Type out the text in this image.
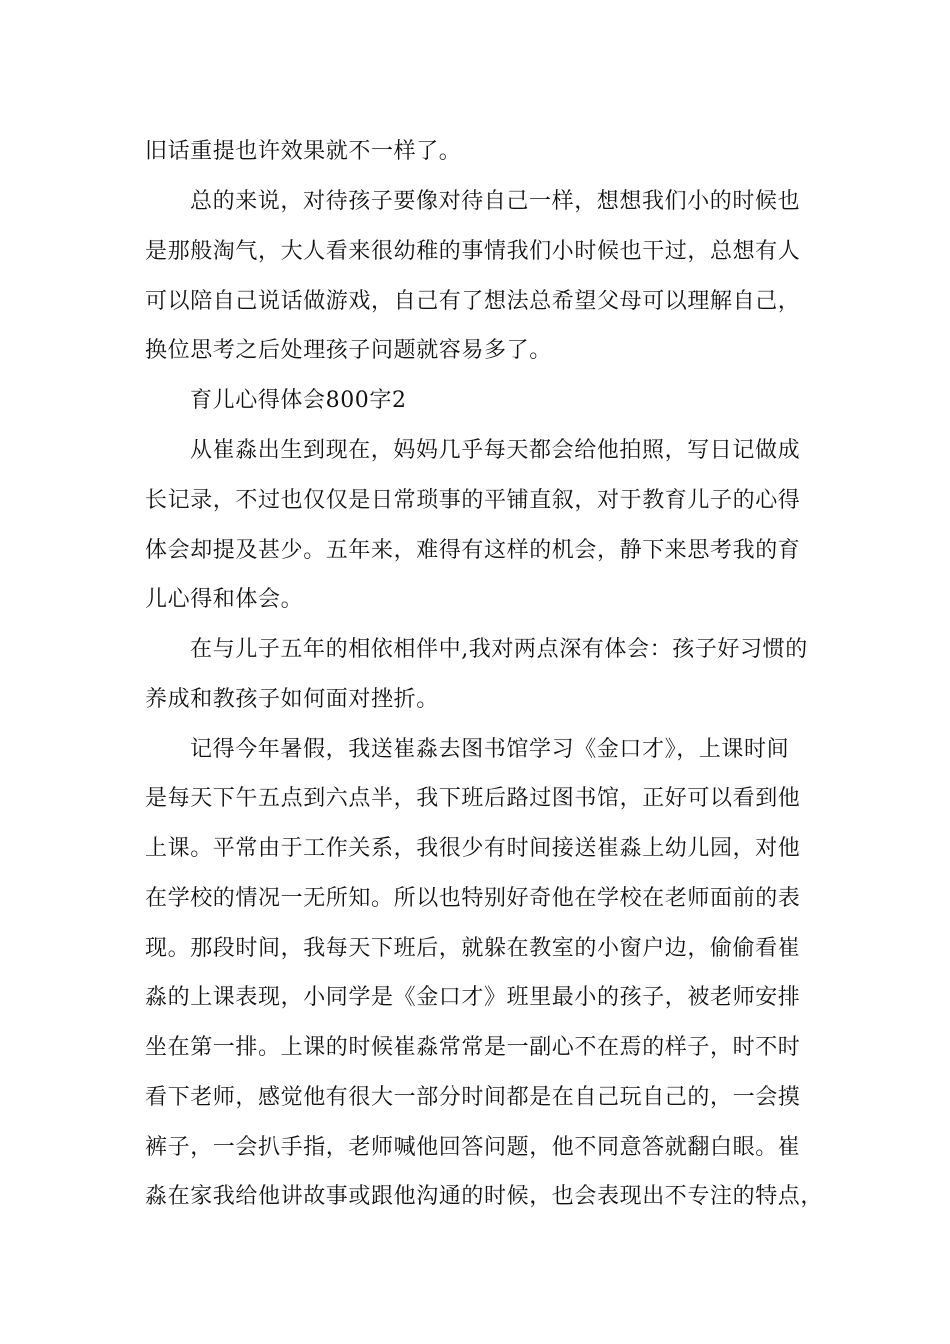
旧话重提也许效果就不一样了。

总的来说，对待孩子要像对待自己一样，想想我们小的时候也

是那般淘气，大人看来很幼稚的事情我们小时候也干过，总想有人

可以陪自己说话做游戏，自己有了想法总希望父母可以理解自己，

换位思考之后处理孩子问题就容易多了。

育儿心得体会800字2

从崔淼出生到现在，妈妈几乎每天都会给他拍照，写日记做成

长记录，不过也仅仅是日常琐事的平铺直叙，对于教育儿子的心得

体会却提及甚少。五年来，难得有这样的机会，静下来思考我的育

儿心得和体会。

在与儿子五年的相依相伴中,我对两点深有体会：孩子好习惯的

养成和教孩子如何面对挫折。

记得今年暑假，我送崔淼去图书馆学习《金口才》，上课时间

是每天下午五点到六点半，我下班后路过图书馆，正好可以看到他

上课。平常由于工作关系，我很少有时间接送崔淼上幼儿园，对他

在学校的情况一无所知。所以也特别好奇他在学校在老师面前的表

现。那段时间，我每天下班后，就躲在教室的小窗户边，偷偷看崔

淼的上课表现，小同学是《金口才》班里最小的孩子，被老师安排

坐在第一排。上课的时候崔淼常常是一副心不在焉的样子，时不时

看下老师，感觉他有很大一部分时间都是在自己玩自己的，一会摸

裤子，一会扒手指，老师喊他回答问题，他不同意答就翻白眼。崔

淼在家我给他讲故事或跟他沟通的时候，也会表现出不专注的特点，
